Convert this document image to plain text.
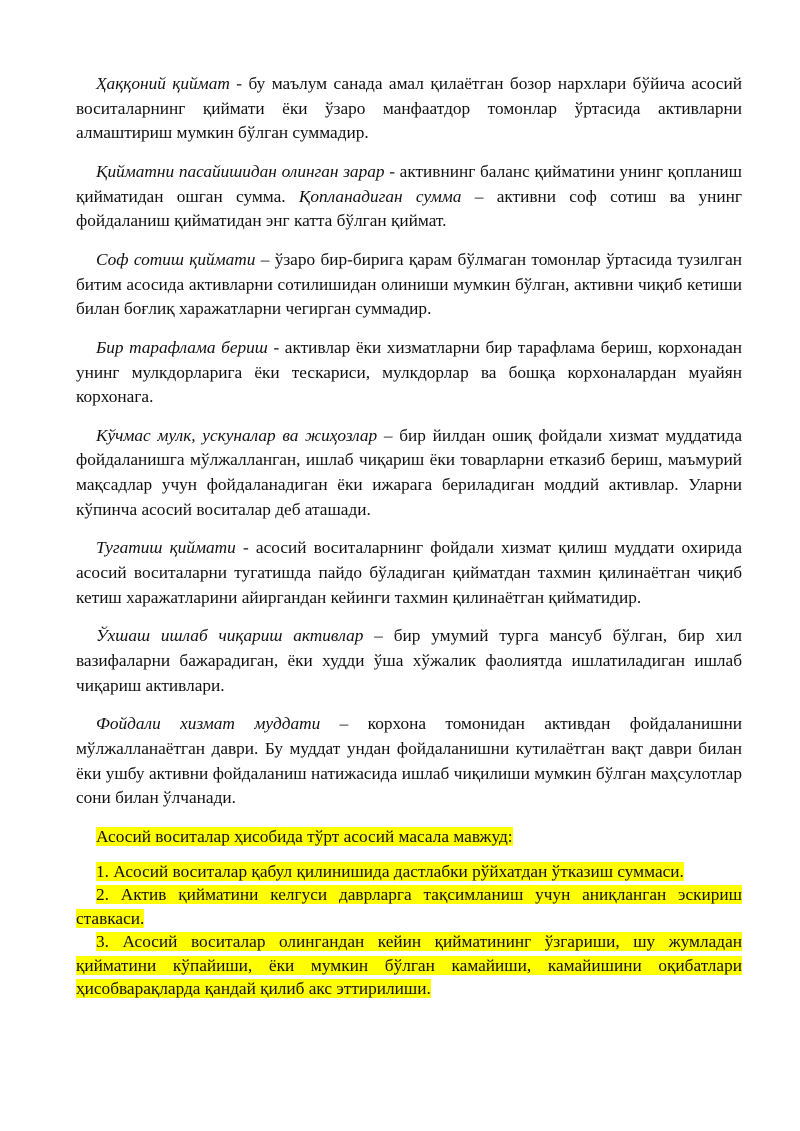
Ҳаққоний қиймат - бу маълум санада амал қилаётган бозор нархлари бўйича асосий воситаларнинг қиймати ёки ўзаро манфаатдор томонлар ўртасида активларни алмаштириш мумкин бўлган суммадир.

Қийматни пасайишидан олинган зарар - активнинг баланс қийматини унинг қопланиш қийматидан ошган сумма. Қопланадиган сумма – активни соф сотиш ва унинг фойдаланиш қийматидан энг катта бўлган қиймат.

Соф сотиш қиймати – ўзаро бир-бирига қарам бўлмаган томонлар ўртасида тузилган битим асосида активларни сотилишидан олиниши мумкин бўлган, активни чиқиб кетиши билан боғлиқ харажатларни чегирган суммадир.

Бир тарафлама бериш - активлар ёки хизматларни бир тарафлама бериш, корхонадан унинг мулкдорларига ёки тескариси, мулкдорлар ва бошқа корхоналардан муайян корхонага.

Кўчмас мулк, ускуналар ва жиҳозлар – бир йилдан ошиқ фойдали хизмат муддатида фойдаланишга мўлжалланган, ишлаб чиқариш ёки товарларни етказиб бериш, маъмурий мақсадлар учун фойдаланадиган ёки ижарага бериладиган моддий активлар. Уларни кўпинча асосий воситалар деб аташади.

Тугатиш қиймати - асосий воситаларнинг фойдали хизмат қилиш муддати охирида асосий воситаларни тугатишда пайдо бўладиган қийматдан тахмин қилинаётган чиқиб кетиш харажатларини айиргандан кейинги тахмин қилинаётган қийматидир.

Ўхшаш ишлаб чиқариш активлар – бир умумий турга мансуб бўлган, бир хил вазифаларни бажарадиган, ёки худди ўша хўжалик фаолиятда ишлатиладиган ишлаб чиқариш активлари.

Фойдали хизмат муддати – корхона томонидан активдан фойдаланишни мўлжалланаётган даври. Бу муддат ундан фойдаланишни кутилаётган вақт даври билан ёки ушбу активни фойдаланиш натижасида ишлаб чиқилиши мумкин бўлган маҳсулотлар сони билан ўлчанади.

Асосий воситалар ҳисобида тўрт асосий масала мавжуд:

1. Асосий воситалар қабул қилинишида дастлабки рўйхатдан ўтказиш суммаси.

2. Актив қийматини келгуси даврларга тақсимланиш учун аниқланган эскириш ставкаси.

3. Асосий воситалар олингандан кейин қийматининг ўзгариши, шу жумладан қийматини кўпайиши, ёки мумкин бўлган камайиши, камайишини оқибатлари ҳисобварақларда қандай қилиб акс эттирилиши.
